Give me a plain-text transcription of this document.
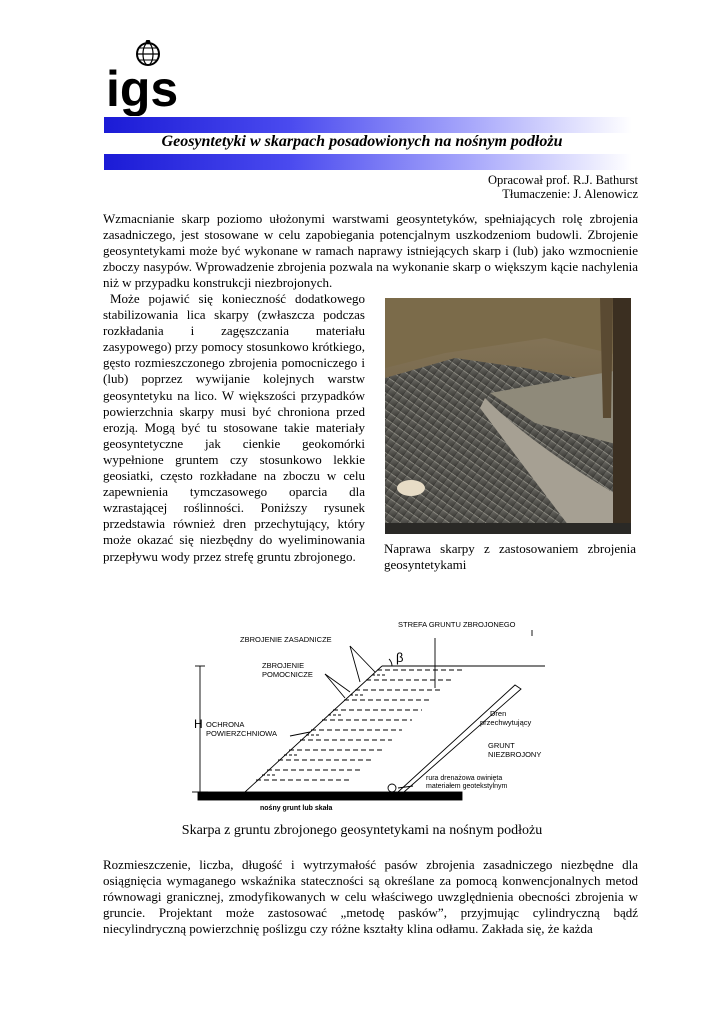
igs
Geosyntetyki w skarpach posadowionych na nośnym podłożu
Opracował prof. R.J. Bathurst
Tłumaczenie: J. Alenowicz
Wzmacnianie skarp poziomo ułożonymi warstwami geosyntetyków, spełniających rolę zbrojenia zasadniczego, jest stosowane w celu zapobiegania potencjalnym uszkodzeniom budowli. Zbrojenie geosyntetykami może być wykonane w ramach naprawy istniejących skarp i (lub) jako wzmocnienie zboczy nasypów. Wprowadzenie zbrojenia pozwala na wykonanie skarp o większym kącie nachylenia niż w przypadku konstrukcji niezbrojonych.
Może pojawić się konieczność dodatkowego stabilizowania lica skarpy (zwłaszcza podczas rozkładania i zagęszczania materiału zasypowego) przy pomocy stosunkowo krótkiego, gęsto rozmieszczonego zbrojenia pomocniczego i (lub) poprzez wywijanie kolejnych warstw geosyntetyku na lico. W większości przypadków powierzchnia skarpy musi być chroniona przed erozją. Mogą być tu stosowane takie materiały geosyntetyczne jak cienkie geokomórki wypełnione gruntem czy stosunkowo lekkie geosiatki, często rozkładane na zboczu w celu zapewnienia tymczasowego oparcia dla wzrastającej roślinności. Poniższy rysunek przedstawia również dren przechytujący, który może okazać się niezbędny do wyeliminowania przepływu wody przez strefę gruntu zbrojonego.	Naprawa skarpy z zastosowaniem zbrojenia geosyntetykami
STREFA GRUNTU ZBROJONEGO
ZBROJENIE ZASADNICZE
ZBROJENIE
POMOCNICZE
OCHRONA
POWIERZCHNIOWA
Dren
przechwytujący
GRUNT
NIEZBROJONY
rura drenażowa owinięta
materiałem geotekstylnym
nośny grunt lub skała
β
H
Skarpa z gruntu zbrojonego geosyntetykami na nośnym podłożu
Rozmieszczenie, liczba, długość i wytrzymałość pasów zbrojenia zasadniczego niezbędne dla osiągnięcia wymaganego wskaźnika stateczności są określane za pomocą konwencjonalnych metod równowagi granicznej, zmodyfikowanych w celu właściwego uwzględnienia obecności zbrojenia w gruncie. Projektant może zastosować „metodę pasków”, przyjmując cylindryczną bądź niecylindryczną powierzchnię poślizgu czy różne kształty klina odłamu. Zakłada się, że każda
